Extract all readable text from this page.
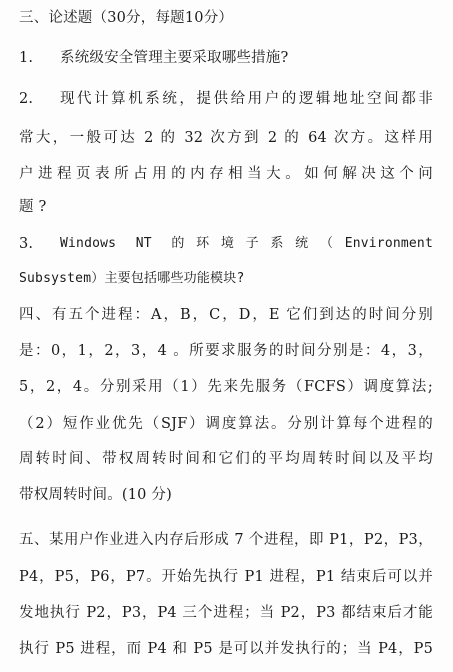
三、论述题（30分，每题10分）
1. 系统级安全管理主要采取哪些措施?
2. 现代计算机系统，提供给用户的逻辑地址空间都非
常大，一般可达 2 的 32 次方到 2 的 64 次方。这样用
户进程页表所占用的内存相当大。如何解决这个问
题 ?
3. Windows NT 的环境子系统（Environment
Subsystem）主要包括哪些功能模块?
四、有五个进程：A，B，C，D，E 它们到达的时间分别
是：0，1，2，3，4 。所要求服务的时间分别是：4，3，
5，2，4。分别采用（1）先来先服务（FCFS）调度算法;
（2）短作业优先（SJF）调度算法。分别计算每个进程的
周转时间、带权周转时间和它们的平均周转时间以及平均
带权周转时间。(10 分)
五、某用户作业进入内存后形成 7 个进程，即 P1，P2，P3，
P4，P5，P6，P7。开始先执行 P1 进程，P1 结束后可以并
发地执行 P2，P3，P4 三个进程；当 P2，P3 都结束后才能
执行 P5 进程，而 P4 和 P5 是可以并发执行的；当 P4，P5
